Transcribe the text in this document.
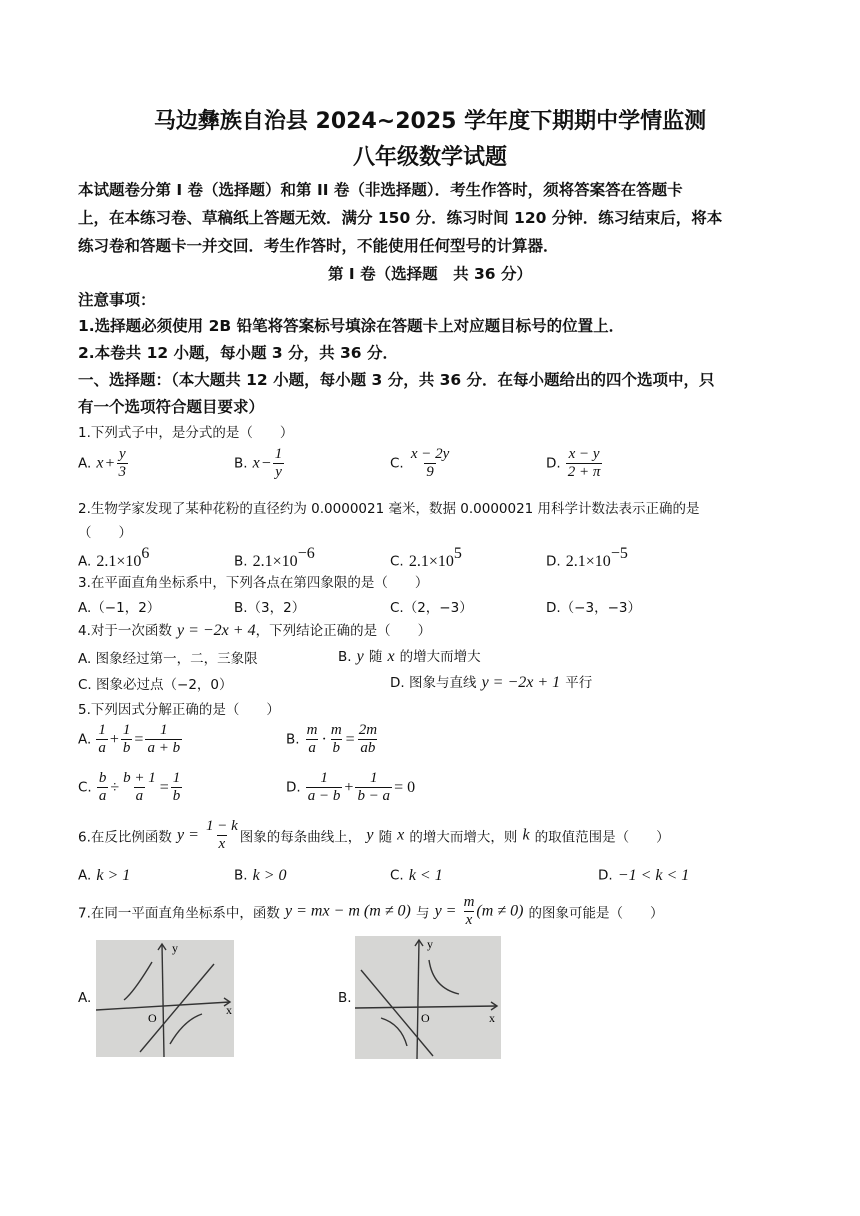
马边彝族自治县 2024~2025 学年度下期期中学情监测
八年级数学试题
本试题卷分第 I 卷（选择题）和第 II 卷（非选择题）．考生作答时，须将答案答在答题卡
上，在本练习卷、草稿纸上答题无效．满分 150 分．练习时间 120 分钟．练习结束后，将本
练习卷和答题卡一并交回．考生作答时，不能使用任何型号的计算器．
第 I 卷（选择题　共 36 分）
注意事项：
1.选择题必须使用 2B 铅笔将答案标号填涂在答题卡上对应题目标号的位置上．
2.本卷共 12 小题，每小题 3 分，共 36 分．
一、选择题：（本大题共 12 小题，每小题 3 分，共 36 分．在每小题给出的四个选项中，只
有一个选项符合题目要求）
1.下列式子中，是分式的是（　　）
A. $x + \frac{y}{3}$	B. $x - \frac{1}{y}$	C. $\frac{x - 2y}{9}$	D. $\frac{x - y}{2 + \pi}$
2.生物学家发现了某种花粉的直径约为 0.0000021 毫米，数据 0.0000021 用科学计数法表示正确的是
（　　）
A. $2.1\times 10^6$	B. $2.1\times 10^{-6}$	C. $2.1\times 10^5$	D. $2.1\times 10^{-5}$
3.在平面直角坐标系中，下列各点在第四象限的是（　　）
A.（−1，2）	B.（3，2）	C.（2，−3）	D.（−3，−3）
4.对于一次函数 y = −2x + 4，下列结论正确的是（　　）
A. 图象经过第一，二，三象限	B. y 随 x 的增大而增大
C. 图象必过点（−2，0）	D. 图象与直线 y = −2x + 1 平行
5.下列因式分解正确的是（　　）
A. $\frac{1}{a} + \frac{1}{b} = \frac{1}{a + b}$	B. $\frac{m}{a} \cdot \frac{m}{b} = \frac{2m}{ab}$
C. $\frac{b}{a} \div \frac{b + 1}{a} = \frac{1}{b}$	D. $\frac{1}{a - b} + \frac{1}{b - a} = 0$
6.在反比例函数 $y = \frac{1 - k}{x}$ 图象的每条曲线上， y 随 x 的增大而增大，则 k 的取值范围是（　　）
A. k > 1	B. k > 0	C. k < 1	D. −1 < k < 1
7.在同一平面直角坐标系中，函数 y = mx − m (m ≠ 0) 与 $y = \frac{m}{x} (m \ne 0)$ 的图象可能是（　　）
A.
x
y
O
B.
x
y
O
